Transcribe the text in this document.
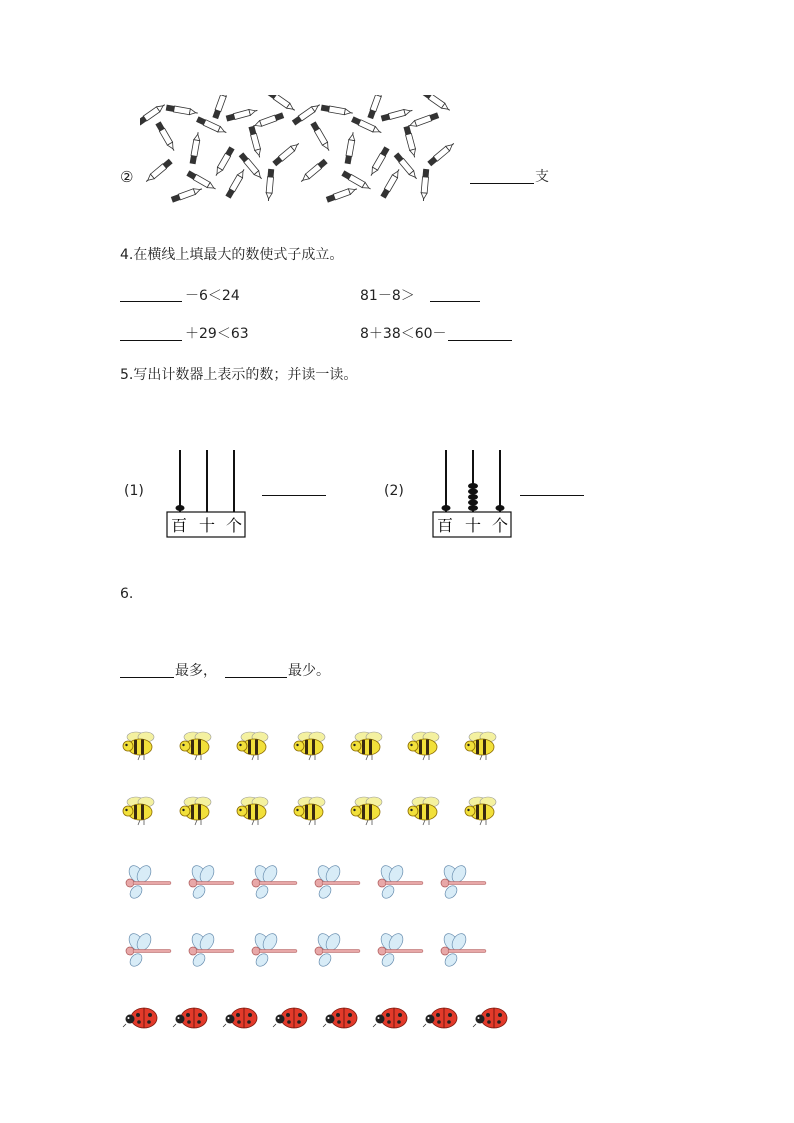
②	支
4.在横线上填最大的数使式子成立。
－6＜24	81－8＞
＋29＜63	8＋38＜60－
5.写出计数器上表示的数；并读一读。
(1)
百 十 个
(2)
百 十 个
6.
最多，	最少。
